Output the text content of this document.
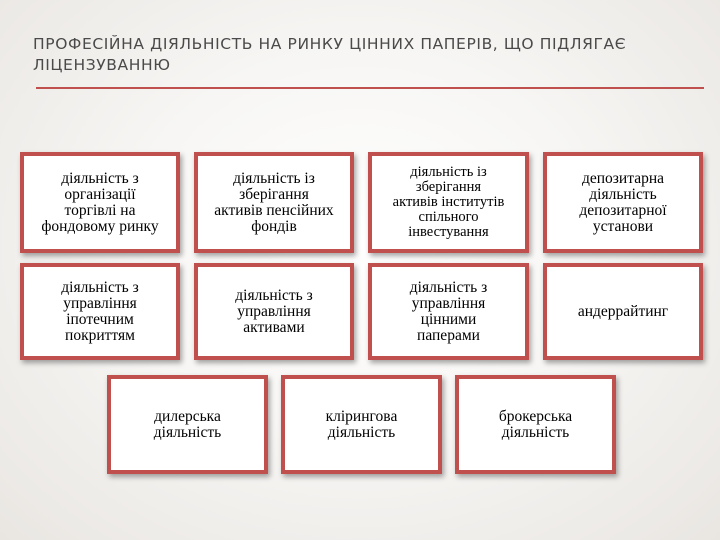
ПРОФЕСІЙНА ДІЯЛЬНІСТЬ НА РИНКУ ЦІННИХ ПАПЕРІВ, ЩО ПІДЛЯГАЄ ЛІЦЕНЗУВАННЮ
діяльність з
організації
торгівлі на
фондовому ринку
діяльність із
зберігання
активів пенсійних
фондів
діяльність із
зберігання
активів інститутів
спільного
інвестування
депозитарна
діяльність
депозитарної
установи
діяльність з
управління
іпотечним
покриттям
діяльність з
управління
активами
діяльність з
управління
цінними
паперами
андеррайтинг
дилерська
діяльність
кліринговa
діяльність
брокерська
діяльність
